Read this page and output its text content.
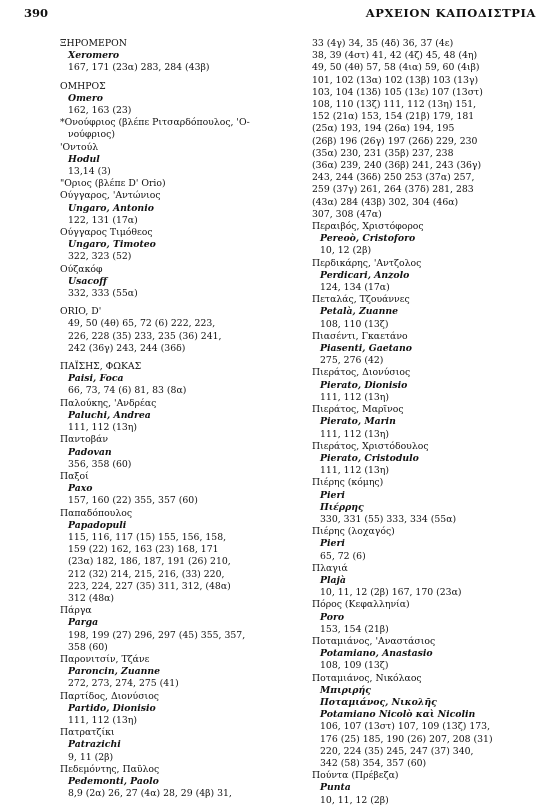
390	ΑΡΧΕΙΟΝ ΚΑΠΟΔΙΣΤΡΙΑ
ΞΗΡΟΜΕΡΟΝ
Xeromero
167, 171 (23α) 283, 284 (43β)
ΟΜΗΡΟΣ
Omero
162, 163 (23)
*Ονούφριος (βλέπε Ριτσαρδόπουλος, 'Ο-
νούφριος)
'Οντούλ
Hodul
13,14 (3)
"Οριος (βλέπε D' Orio)
Ούγγαρος, 'Αντώνιος
Ungaro, Antonio
122, 131 (17α)
Ούγγαρος Τιμόθεος
Ungaro, Timoteo
322, 323 (52)
Ούζακόφ
Usacoff
332, 333 (55α)
ORIO, D'
49, 50 (4θ) 65, 72 (6) 222, 223,
226, 228 (35) 233, 235 (36) 241,
242 (36γ) 243, 244 (36δ)
ΠΑΪΣΗΣ, ΦΩΚΑΣ
Paisi, Foca
66, 73, 74 (6) 81, 83 (8α)
Παλούκης, 'Ανδρέας
Paluchi, Andrea
111, 112 (13η)
Παντοβάν
Padovan
356, 358 (60)
Παξοί
Paxo
157, 160 (22) 355, 357 (60)
Παπαδόπουλος
Papadopuli
115, 116, 117 (15) 155, 156, 158,
159 (22) 162, 163 (23) 168, 171
(23α) 182, 186, 187, 191 (26) 210,
212 (32) 214, 215, 216, (33) 220,
223, 224, 227 (35) 311, 312, (48α)
312 (48α)
Πάργα
Parga
198, 199 (27) 296, 297 (45) 355, 357,
358 (60)
Παρονιτσίν, Τζάνε
Paroncin, Zuanne
272, 273, 274, 275 (41)
Παρτίδος, Διονύσιος
Partido, Dionisio
111, 112 (13η)
Πατρατζίκι
Patrazichi
9, 11 (2β)
Πεδεμόντης, Παῦλος
Pedemonti, Paolo
8,9 (2α) 26, 27 (4α) 28, 29 (4β) 31,
33 (4γ) 34, 35 (4δ) 36, 37 (4ε)
38, 39 (4στ) 41, 42 (4ζ) 45, 48 (4η)
49, 50 (4θ) 57, 58 (4ια) 59, 60 (4ιβ)
101, 102 (13α) 102 (13β) 103 (13γ)
103, 104 (13δ) 105 (13ε) 107 (13στ)
108, 110 (13ζ) 111, 112 (13η) 151,
152 (21α) 153, 154 (21β) 179, 181
(25α) 193, 194 (26α) 194, 195
(26β) 196 (26γ) 197 (26δ) 229, 230
(35α) 230, 231 (35β) 237, 238
(36α) 239, 240 (36β) 241, 243 (36γ)
243, 244 (36δ) 250 253 (37α) 257,
259 (37γ) 261, 264 (37δ) 281, 283
(43α) 284 (43β) 302, 304 (46α)
307, 308 (47α)
Περαιβός, Χριστόφορος
Pereoò, Cristoforo
10, 12 (2β)
Περδικάρης, 'Αντζολος
Perdicari, Anzolo
124, 134 (17α)
Πεταλάς, Τζουάννες
Petalà, Zuanne
108, 110 (13ζ)
Πιασέντι, Γκαετάνο
Piasenti, Gaetano
275, 276 (42)
Πιεράτος, Διονύσιος
Pierato, Dionisio
111, 112 (13η)
Πιεράτος, Μαρῖνος
Pierato, Marin
111, 112 (13η)
Πιεράτος, Χριστόδουλος
Pierato, Cristodulo
111, 112 (13η)
Πιέρης (κόμης)
Pieri
Πιέρρης
330, 331 (55) 333, 334 (55α)
Πιέρης (λοχαγός)
Pieri
65, 72 (6)
Πλαγιά
Plajà
10, 11, 12 (2β) 167, 170 (23α)
Πόρος (Κεφαλληνία)
Poro
153, 154 (21β)
Ποταμιάνος, 'Αναστάσιος
Potamiano, Anastasio
108, 109 (13ζ)
Ποταμιάνος, Νικόλαος
Μπιριρής
Ποταμιάνος, Νικολῆς
Potamiano Nicolò καὶ Nicolin
106, 107 (13στ) 107, 109 (13ζ) 173,
176 (25) 185, 190 (26) 207, 208 (31)
220, 224 (35) 245, 247 (37) 340,
342 (58) 354, 357 (60)
Πούντα (Πρέβεζα)
Punta
10, 11, 12 (2β)
